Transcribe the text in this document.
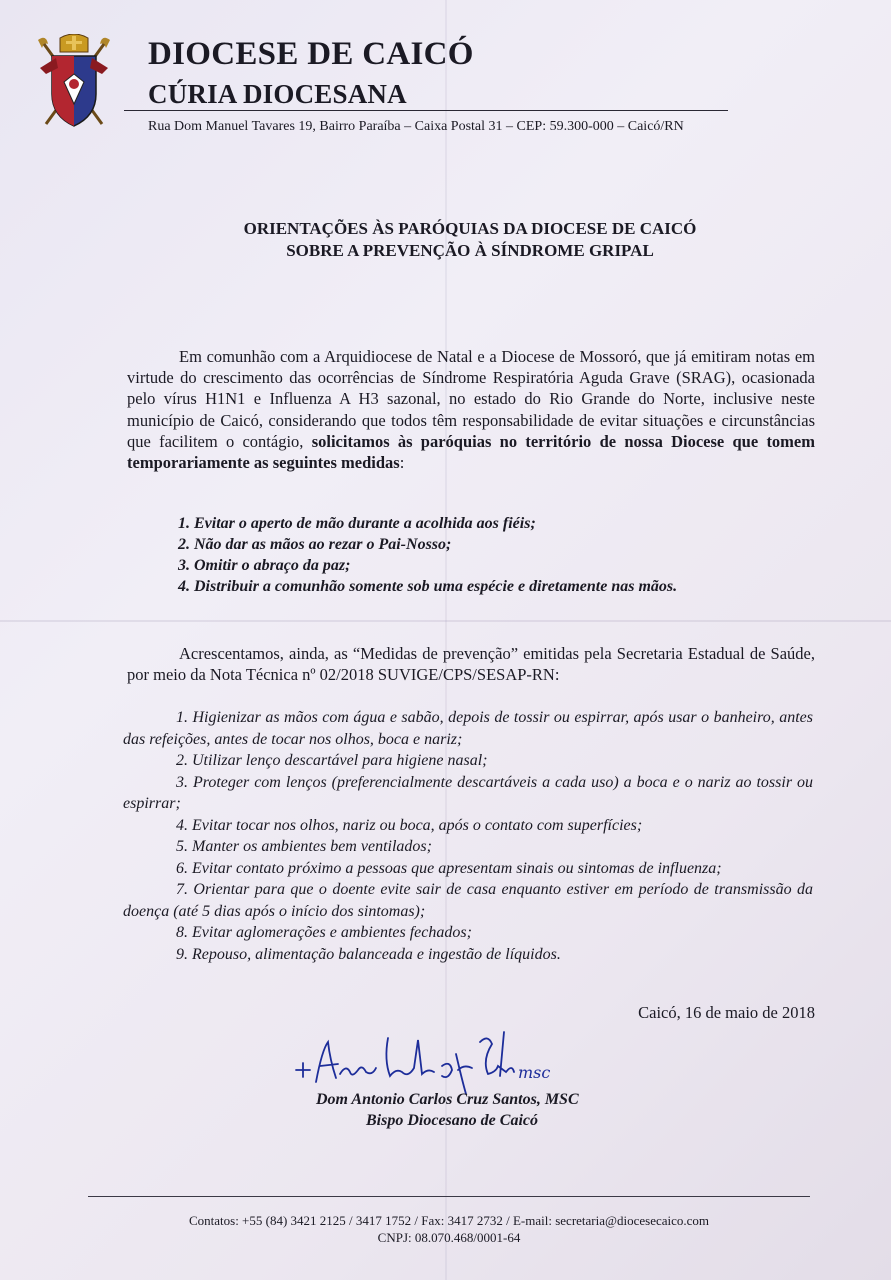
DIOCESE DE CAICÓ
CÚRIA DIOCESANA
Rua Dom Manuel Tavares 19, Bairro Paraíba – Caixa Postal 31 – CEP: 59.300-000 – Caicó/RN
ORIENTAÇÕES ÀS PARÓQUIAS DA DIOCESE DE CAICÓ
SOBRE A PREVENÇÃO À SÍNDROME GRIPAL
Em comunhão com a Arquidiocese de Natal e a Diocese de Mossoró, que já emitiram notas em virtude do crescimento das ocorrências de Síndrome Respiratória Aguda Grave (SRAG), ocasionada pelo vírus H1N1 e Influenza A H3 sazonal, no estado do Rio Grande do Norte, inclusive neste município de Caicó, considerando que todos têm responsabilidade de evitar situações e circunstâncias que facilitem o contágio, solicitamos às paróquias no território de nossa Diocese que tomem temporariamente as seguintes medidas:
1. Evitar o aperto de mão durante a acolhida aos fiéis;
2. Não dar as mãos ao rezar o Pai-Nosso;
3. Omitir o abraço da paz;
4. Distribuir a comunhão somente sob uma espécie e diretamente nas mãos.
Acrescentamos, ainda, as “Medidas de prevenção” emitidas pela Secretaria Estadual de Saúde, por meio da Nota Técnica nº 02/2018 SUVIGE/CPS/SESAP-RN:
1. Higienizar as mãos com água e sabão, depois de tossir ou espirrar, após usar o banheiro, antes das refeições, antes de tocar nos olhos, boca e nariz;
2. Utilizar lenço descartável para higiene nasal;
3. Proteger com lenços (preferencialmente descartáveis a cada uso) a boca e o nariz ao tossir ou espirrar;
4. Evitar tocar nos olhos, nariz ou boca, após o contato com superfícies;
5. Manter os ambientes bem ventilados;
6. Evitar contato próximo a pessoas que apresentam sinais ou sintomas de influenza;
7. Orientar para que o doente evite sair de casa enquanto estiver em período de transmissão da doença (até 5 dias após o início dos sintomas);
8. Evitar aglomerações e ambientes fechados;
9. Repouso, alimentação balanceada e ingestão de líquidos.
Caicó, 16 de maio de 2018
msc
Dom Antonio Carlos Cruz Santos, MSC
Bispo Diocesano de Caicó
Contatos: +55 (84) 3421 2125 / 3417 1752 / Fax: 3417 2732 / E-mail: secretaria@diocesecaico.com
CNPJ: 08.070.468/0001-64
